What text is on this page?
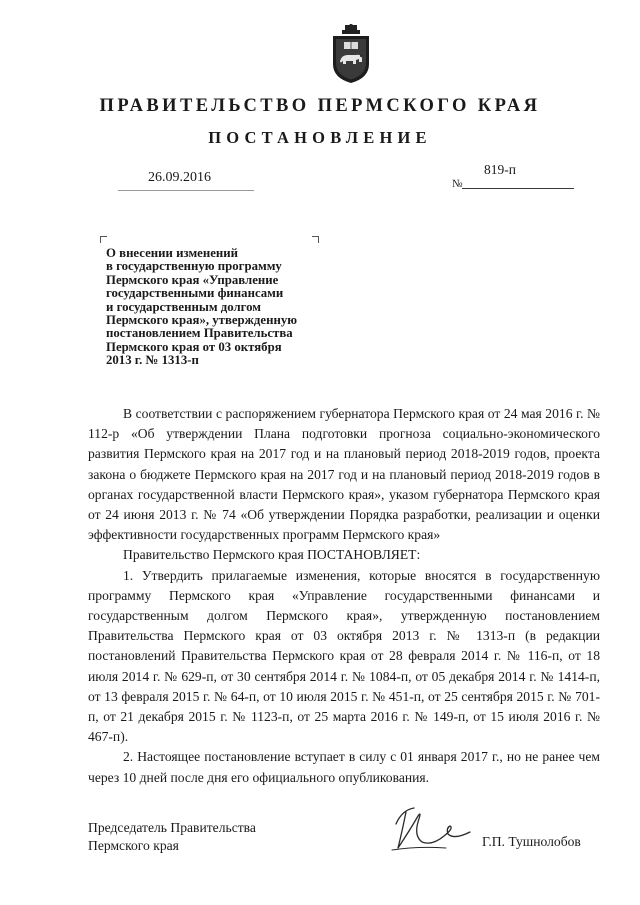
ПРАВИТЕЛЬСТВО ПЕРМСКОГО КРАЯ
ПОСТАНОВЛЕНИЕ
26.09.2016	№
819-п
О внесении изменений
в государственную программу
Пермского края «Управление
государственными финансами
и государственным долгом
Пермского края», утвержденную
постановлением Правительства
Пермского края от 03 октября
2013 г. № 1313-п

В соответствии с распоряжением губернатора Пермского края от 24 мая 2016 г. № 112-р «Об утверждении Плана подготовки прогноза социально-экономического развития Пермского края на 2017 год и на плановый период 2018-2019 годов, проекта закона о бюджете Пермского края на 2017 год и на плановый период 2018-2019 годов в органах государственной власти Пермского края», указом губернатора Пермского края от 24 июня 2013 г. № 74 «Об утверждении Порядка разработки, реализации и оценки эффективности государственных программ Пермского края»

Правительство Пермского края ПОСТАНОВЛЯЕТ:

1. Утвердить прилагаемые изменения, которые вносятся в государственную программу Пермского края «Управление государственными финансами и государственным долгом Пермского края», утвержденную постановлением Правительства Пермского края от 03 октября 2013 г. № 1313-п (в редакции постановлений Правительства Пермского края от 28 февраля 2014 г. № 116-п, от 18 июля 2014 г. № 629-п, от 30 сентября 2014 г. № 1084-п, от 05 декабря 2014 г. № 1414-п, от 13 февраля 2015 г. № 64-п, от 10 июля 2015 г. № 451-п, от 25 сентября 2015 г. № 701-п, от 21 декабря 2015 г. № 1123-п, от 25 марта 2016 г. № 149-п, от 15 июля 2016 г. № 467-п).

2. Настоящее постановление вступает в силу с 01 января 2017 г., но не ранее чем через 10 дней после дня его официального опубликования.

Председатель Правительства
Пермского края	Г.П. Тушнолобов
